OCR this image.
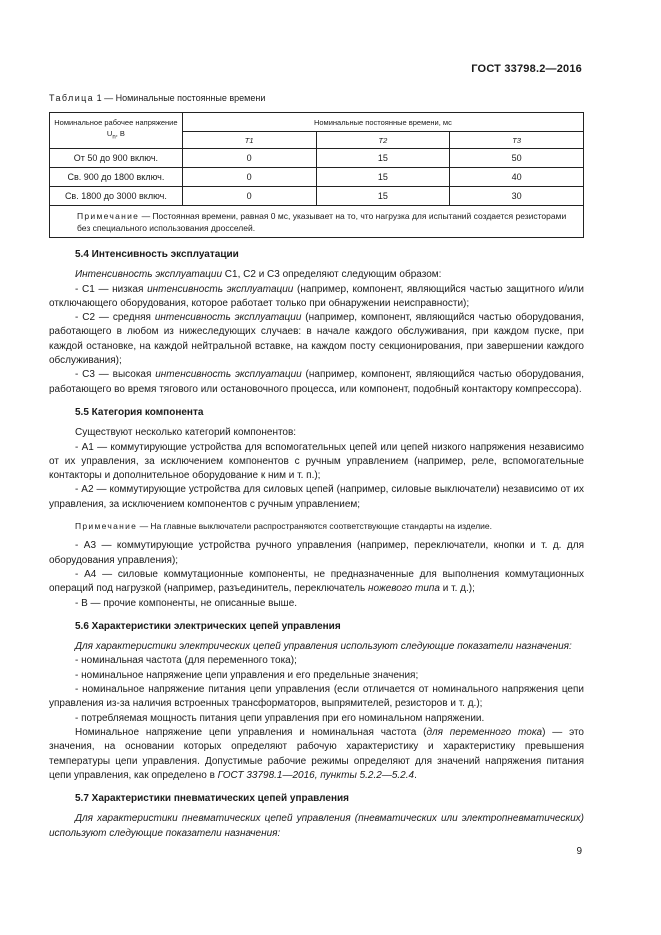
ГОСТ 33798.2—2016
Таблица 1 — Номинальные постоянные времени
Номинальное рабочее напряжение $U_n$, В	Номинальные постоянные времени, мс		
	T1	T2	T3
От 50 до 900 включ.	0	15	50
Св. 900 до 1800 включ.	0	15	40
Св. 1800 до 3000 включ.	0	15	30
Примечание — Постоянная времени, равная 0 мс, указывает на то, что нагрузка для испытаний создается резисторами без специального использования дросселей.			

5.4 Интенсивность эксплуатации

Интенсивность эксплуатации С1, С2 и С3 определяют следующим образом:

- С1 — низкая интенсивность эксплуатации (например, компонент, являющийся частью защитного и/или отключающего оборудования, которое работает только при обнаружении неисправности);

- С2 — средняя интенсивность эксплуатации (например, компонент, являющийся частью оборудования, работающего в любом из нижеследующих случаев: в начале каждого обслуживания, при каждом пуске, при каждой остановке, на каждой нейтральной вставке, на каждом посту секционирования, при завершении каждого обслуживания);

- С3 — высокая интенсивность эксплуатации (например, компонент, являющийся частью оборудования, работающего во время тягового или остановочного процесса, или компонент, подобный контактору компрессора).

5.5 Категория компонента

Существуют несколько категорий компонентов:

- А1 — коммутирующие устройства для вспомогательных цепей или цепей низкого напряжения независимо от их управления, за исключением компонентов с ручным управлением (например, реле, вспомогательные контакторы и дополнительное оборудование к ним и т. п.);

- А2 — коммутирующие устройства для силовых цепей (например, силовые выключатели) независимо от их управления, за исключением компонентов с ручным управлением;

Примечание — На главные выключатели распространяются соответствующие стандарты на изделие.

- А3 — коммутирующие устройства ручного управления (например, переключатели, кнопки и т. д. для оборудования управления);

- А4 — силовые коммутационные компоненты, не предназначенные для выполнения коммутационных операций под нагрузкой (например, разъединитель, переключатель ножевого типа и т. д.);

- В — прочие компоненты, не описанные выше.

5.6 Характеристики электрических цепей управления

Для характеристики электрических цепей управления используют следующие показатели назначения:

- номинальная частота (для переменного тока);

- номинальное напряжение цепи управления и его предельные значения;

- номинальное напряжение питания цепи управления (если отличается от номинального напряжения цепи управления из-за наличия встроенных трансформаторов, выпрямителей, резисторов и т. д.);

- потребляемая мощность питания цепи управления при его номинальном напряжении.

Номинальное напряжение цепи управления и номинальная частота (для переменного тока) — это значения, на основании которых определяют рабочую характеристику и характеристику превышения температуры цепи управления. Допустимые рабочие режимы определяют для значений напряжения питания цепи управления, как определено в ГОСТ 33798.1—2016, пункты 5.2.2—5.2.4.

5.7 Характеристики пневматических цепей управления

Для характеристики пневматических цепей управления (пневматических или электропневматических) используют следующие показатели назначения:

9
